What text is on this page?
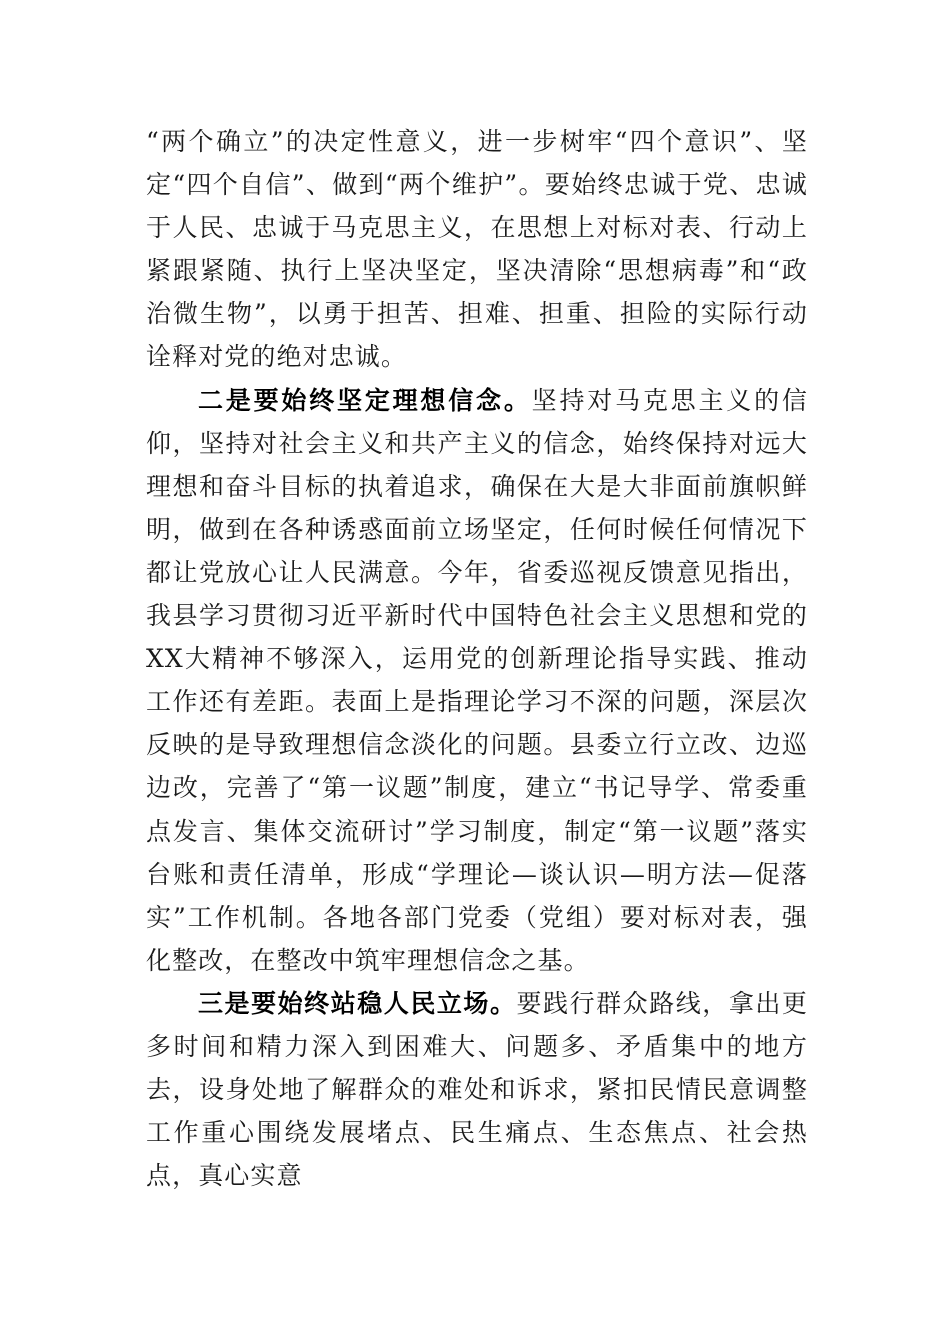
“两个确立”的决定性意义，进一步树牢“四个意识”、坚定“四个自信”、做到“两个维护”。要始终忠诚于党、忠诚于人民、忠诚于马克思主义，在思想上对标对表、行动上紧跟紧随、执行上坚决坚定，坚决清除“思想病毒”和“政治微生物”，以勇于担苦、担难、担重、担险的实际行动诠释对党的绝对忠诚。

二是要始终坚定理想信念。坚持对马克思主义的信仰，坚持对社会主义和共产主义的信念，始终保持对远大理想和奋斗目标的执着追求，确保在大是大非面前旗帜鲜明，做到在各种诱惑面前立场坚定，任何时候任何情况下都让党放心让人民满意。今年，省委巡视反馈意见指出，我县学习贯彻习近平新时代中国特色社会主义思想和党的XX大精神不够深入，运用党的创新理论指导实践、推动工作还有差距。表面上是指理论学习不深的问题，深层次反映的是导致理想信念淡化的问题。县委立行立改、边巡边改，完善了“第一议题”制度，建立“书记导学、常委重点发言、集体交流研讨”学习制度，制定“第一议题”落实台账和责任清单，形成“学理论—谈认识—明方法—促落实”工作机制。各地各部门党委（党组）要对标对表，强化整改，在整改中筑牢理想信念之基。

三是要始终站稳人民立场。要践行群众路线，拿出更多时间和精力深入到困难大、问题多、矛盾集中的地方去，设身处地了解群众的难处和诉求，紧扣民情民意调整工作重心围绕发展堵点、民生痛点、生态焦点、社会热点，真心实意
